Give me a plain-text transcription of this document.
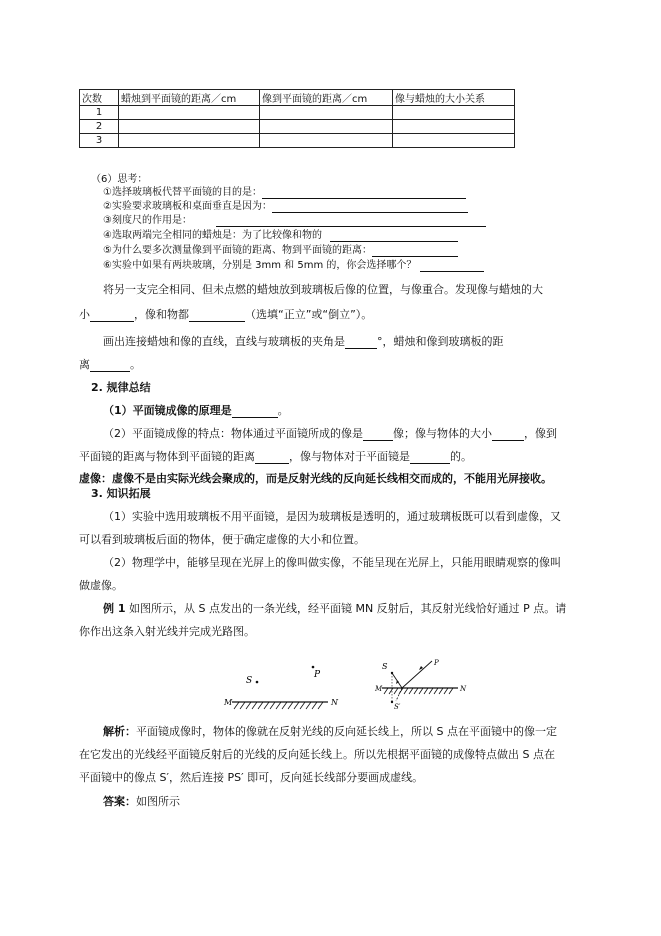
次数	蜡烛到平面镜的距离／cm	像到平面镜的距离／cm	像与蜡烛的大小关系
1			
2			
3			
（6）思考：
①选择玻璃板代替平面镜的目的是：
②实验要求玻璃板和桌面垂直是因为：
③刻度尺的作用是：
④选取两端完全相同的蜡烛是：为了比较像和物的
⑤为什么要多次测量像到平面镜的距离、物到平面镜的距离：
⑥实验中如果有两块玻璃，分别是 3mm 和 5mm 的，你会选择哪个？
将另一支完全相同、但未点燃的蜡烛放到玻璃板后像的位置，与像重合。发现像与蜡烛的大
小	，像和物都	（选填“正立”或“倒立”）。
画出连接蜡烛和像的直线，直线与玻璃板的夹角是	°，蜡烛和像到玻璃板的距
离	。
2. 规律总结
（1）平面镜成像的原理是	。
（2）平面镜成像的特点：物体通过平面镜所成的像是	像；像与物体的大小	，像到
平面镜的距离与物体到平面镜的距离	，像与物体对于平面镜是	的。
虚像：虚像不是由实际光线会聚成的，而是反射光线的反向延长线相交而成的，不能用光屏接收。
3. 知识拓展
（1）实验中选用玻璃板不用平面镜，是因为玻璃板是透明的，通过玻璃板既可以看到虚像，又
可以看到玻璃板后面的物体，便于确定虚像的大小和位置。
（2）物理学中，能够呈现在光屏上的像叫做实像，不能呈现在光屏上，只能用眼睛观察的像叫
做虚像。
例 1 如图所示，从 S 点发出的一条光线，经平面镜 MN 反射后，其反射光线恰好通过 P 点。请
你作出这条入射光线并完成光路图。
S
P
M	N
S	P
M	N
S′
解析：平面镜成像时，物体的像就在反射光线的反向延长线上，所以 S 点在平面镜中的像一定
在它发出的光线经平面镜反射后的光线的反向延长线上。所以先根据平面镜的成像特点做出 S 点在
平面镜中的像点 S′，然后连接 PS′ 即可，反向延长线部分要画成虚线。
答案：如图所示
